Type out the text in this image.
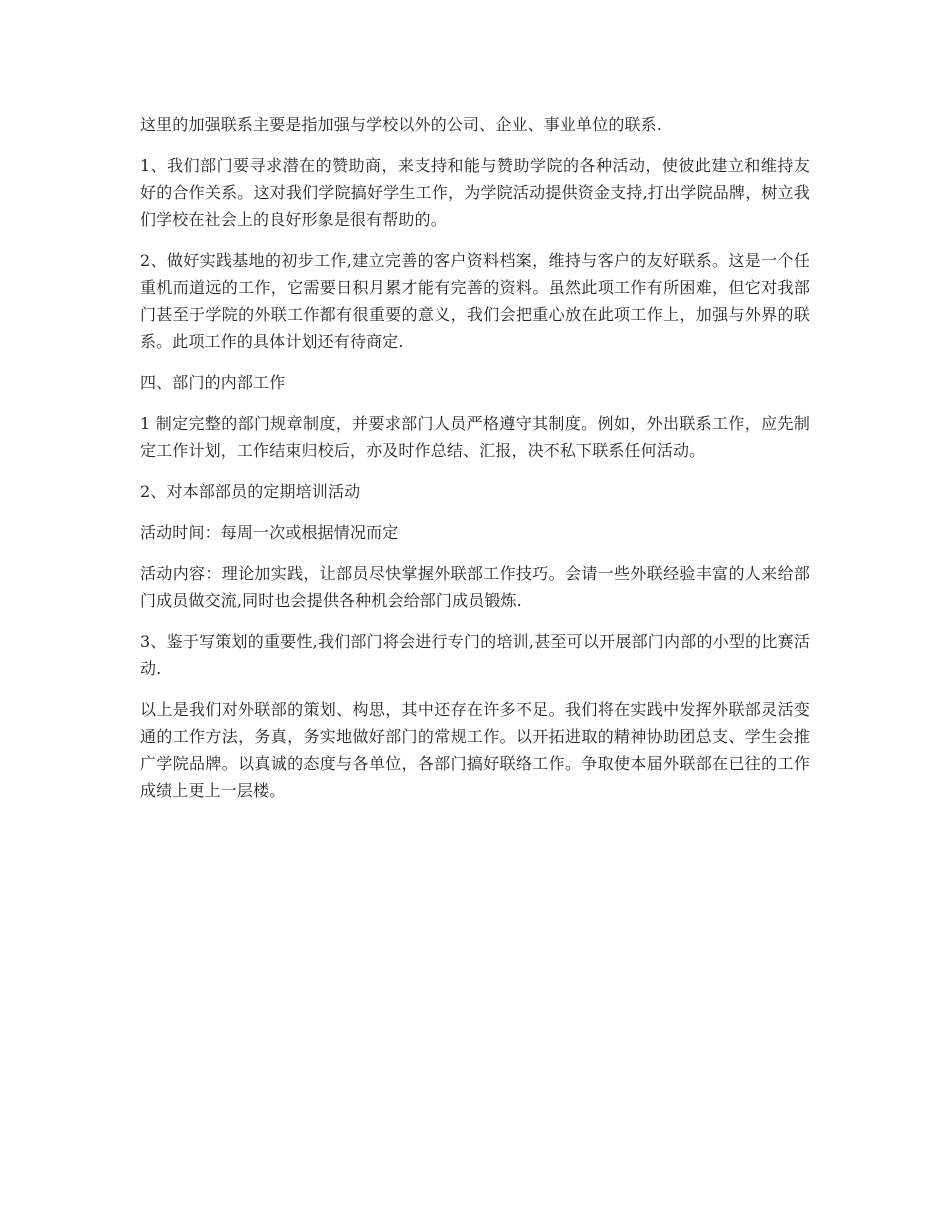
这里的加强联系主要是指加强与学校以外的公司、企业、事业单位的联系.

1、我们部门要寻求潜在的赞助商，来支持和能与赞助学院的各种活动，使彼此建立和维持友好的合作关系。这对我们学院搞好学生工作，为学院活动提供资金支持,打出学院品牌，树立我们学校在社会上的良好形象是很有帮助的。

2、做好实践基地的初步工作,建立完善的客户资料档案，维持与客户的友好联系。这是一个任重机而道远的工作，它需要日积月累才能有完善的资料。虽然此项工作有所困难，但它对我部门甚至于学院的外联工作都有很重要的意义，我们会把重心放在此项工作上，加强与外界的联系。此项工作的具体计划还有待商定.

四、部门的内部工作

1 制定完整的部门规章制度，并要求部门人员严格遵守其制度。例如，外出联系工作，应先制定工作计划，工作结束归校后，亦及时作总结、汇报，决不私下联系任何活动。

2、对本部部员的定期培训活动

活动时间：每周一次或根据情况而定

活动内容：理论加实践，让部员尽快掌握外联部工作技巧。会请一些外联经验丰富的人来给部门成员做交流,同时也会提供各种机会给部门成员锻炼.

3、鉴于写策划的重要性,我们部门将会进行专门的培训,甚至可以开展部门内部的小型的比赛活动.

以上是我们对外联部的策划、构思，其中还存在许多不足。我们将在实践中发挥外联部灵活变通的工作方法，务真，务实地做好部门的常规工作。以开拓进取的精神协助团总支、学生会推广学院品牌。以真诚的态度与各单位，各部门搞好联络工作。争取使本届外联部在已往的工作成绩上更上一层楼。
